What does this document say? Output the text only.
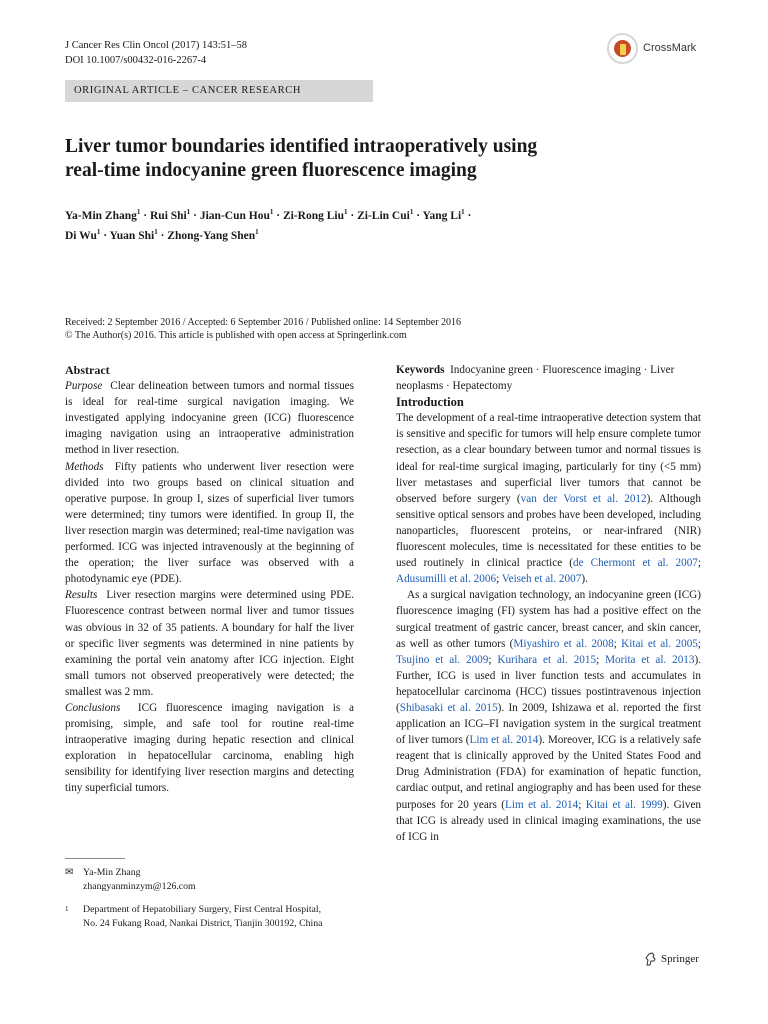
J Cancer Res Clin Oncol (2017) 143:51–58
DOI 10.1007/s00432-016-2267-4
CrossMark
ORIGINAL ARTICLE – CANCER RESEARCH
Liver tumor boundaries identified intraoperatively using
real-time indocyanine green fluorescence imaging
Ya-Min Zhang$^1$ · Rui Shi$^1$ · Jian-Cun Hou$^1$ · Zi-Rong Liu$^1$ · Zi-Lin Cui$^1$ · Yang $Li^1$ ·
Di $Wu^1$ · Yuan Shi$^1$ · Zhong-Yang Shen$^1$
Received: 2 September 2016 / Accepted: 6 September 2016 / Published online: 14 September 2016
© The Author(s) 2016. This article is published with open access at Springerlink.com

Abstract

Purpose Clear delineation between tumors and normal tissues is ideal for real-time surgical navigation imaging. We investigated applying indocyanine green (ICG) fluorescence imaging navigation using an intraoperative administration method in liver resection.

Methods Fifty patients who underwent liver resection were divided into two groups based on clinical situation and operative purpose. In group I, sizes of superficial liver tumors were determined; tiny tumors were identified. In group II, the liver resection margin was determined; real-time navigation was performed. ICG was injected intravenously at the beginning of the operation; the liver surface was observed with a photodynamic eye (PDE).

Results Liver resection margins were determined using PDE. Fluorescence contrast between normal liver and tumor tissues was obvious in 32 of 35 patients. A boundary for half the liver or specific liver segments was determined in nine patients by examining the portal vein anatomy after ICG injection. Eight small tumors not observed preoperatively were detected; the smallest was 2 mm.

Conclusions ICG fluorescence imaging navigation is a promising, simple, and safe tool for routine real-time intraoperative imaging during hepatic resection and clinical exploration in hepatocellular carcinoma, enabling high sensibility for identifying liver resection margins and detecting tiny superficial tumors.

Keywords Indocyanine green · Fluorescence imaging · Liver neoplasms · Hepatectomy

Introduction

The development of a real-time intraoperative detection system that is sensitive and specific for tumors will help ensure complete tumor resection, as a clear boundary between tumor and normal tissues is ideal for real-time surgical imaging, particularly for tiny (<5 mm) liver metastases and superficial liver tumors that cannot be observed before surgery (van der Vorst et al. 2012). Although sensitive optical sensors and probes have been developed, including nanoparticles, fluorescent proteins, or near-infrared (NIR) fluorescent molecules, time is necessitated for these entities to be used routinely in clinical practice (de Chermont et al. 2007; Adusumilli et al. 2006; Veiseh et al. 2007).

As a surgical navigation technology, an indocyanine green (ICG) fluorescence imaging (FI) system has had a positive effect on the surgical treatment of gastric cancer, breast cancer, and skin cancer, as well as other tumors (Miyashiro et al. 2008; Kitai et al. 2005; Tsujino et al. 2009; Kurihara et al. 2015; Morita et al. 2013). Further, ICG is used in liver function tests and accumulates in hepatocellular carcinoma (HCC) tissues postintravenous injection (Shibasaki et al. 2015). In 2009, Ishizawa et al. reported the first application an ICG–FI navigation system in the surgical treatment of liver tumors (Lim et al. 2014). Moreover, ICG is a relatively safe reagent that is clinically approved by the United States Food and Drug Administration (FDA) for examination of hepatic function, cardiac output, and retinal angiography and has been used for these purposes for 20 years (Lim et al. 2014; Kitai et al. 1999). Given that ICG is already used in clinical imaging examinations, the use of ICG in

✉ Ya-Min Zhang
zhangyanminzym@126.com
1 Department of Hepatobiliary Surgery, First Central Hospital,
No. 24 Fukang Road, Nankai District, Tianjin 300192, China
Springer
